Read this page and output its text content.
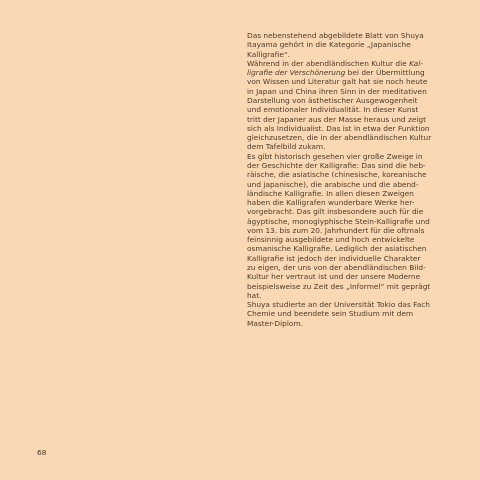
Das nebenstehend abgebildete Blatt von Shuya
Itayama gehört in die Kategorie „Japanische
Kalligrafie“.
Während in der abendländischen Kultur die Kal-
ligrafie der Verschönerung bei der Übermittlung
von Wissen und Literatur galt hat sie noch heute
in Japan und China ihren Sinn in der meditativen
Darstellung von ästhetischer Ausgewogenheit
und emotionaler Individualität. In dieser Kunst
tritt der Japaner aus der Masse heraus und zeigt
sich als Individualist. Das ist in etwa der Funktion
gleichzusetzen, die in der abendländischen Kultur
dem Tafelbild zukam.
Es gibt historisch gesehen vier große Zweige in
der Geschichte der Kalligrafie: Das sind die heb-
räische, die asiatische (chinesische, koreanische
und japanische), die arabische und die abend-
ländische Kalligrafie. In allen diesen Zweigen
haben die Kalligrafen wunderbare Werke her-
vorgebracht. Das gilt insbesondere auch für die
ägyptische, monoglyphische Stein-Kalligrafie und
vom 13. bis zum 20. Jahrhundert für die oftmals
feinsinnig ausgebildete und hoch entwickelte
osmanische Kalligrafie. Lediglich der asiatischen
Kalligrafie ist jedoch der individuelle Charakter
zu eigen, der uns von der abendländischen Bild-
Kultur her vertraut ist und der unsere Moderne
beispielsweise zu Zeit des „Informel“ mit geprägt
hat.
Shuya studierte an der Universität Tokio das Fach
Chemie und beendete sein Studium mit dem
Master-Diplom.
68
